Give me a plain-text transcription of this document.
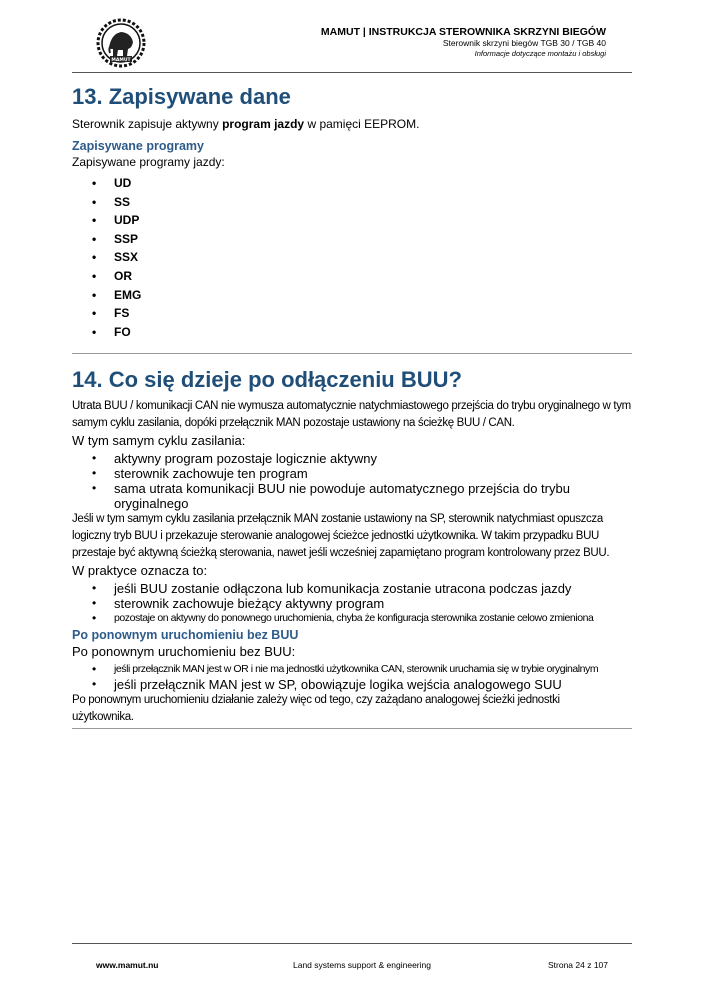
MAMUT
MAMUT | INSTRUKCJA STEROWNIKA SKRZYNI BIEGÓW
Sterownik skrzyni biegów TGB 30 / TGB 40
Informacje dotyczące montażu i obsługi
13. Zapisywane dane

Sterownik zapisuje aktywny program jazdy w pamięci EEPROM.

Zapisywane programy

Zapisywane programy jazdy:

• UD
• SS
• UDP
• SSP
• SSX
• OR
• EMG
• FS
• FO
14. Co się dzieje po odłączeniu BUU?

Utrata BUU / komunikacji CAN nie wymusza automatycznie natychmiastowego przejścia do trybu oryginalnego w tym samym cyklu zasilania, dopóki przełącznik MAN pozostaje ustawiony na ścieżkę BUU / CAN.

W tym samym cyklu zasilania:

• aktywny program pozostaje logicznie aktywny
• sterownik zachowuje ten program
• sama utrata komunikacji BUU nie powoduje automatycznego przejścia do trybu oryginalnego

Jeśli w tym samym cyklu zasilania przełącznik MAN zostanie ustawiony na SP, sterownik natychmiast opuszcza logiczny tryb BUU i przekazuje sterowanie analogowej ścieżce jednostki użytkownika. W takim przypadku BUU przestaje być aktywną ścieżką sterowania, nawet jeśli wcześniej zapamiętano program kontrolowany przez BUU.

W praktyce oznacza to:

• jeśli BUU zostanie odłączona lub komunikacja zostanie utracona podczas jazdy
• sterownik zachowuje bieżący aktywny program
• pozostaje on aktywny do ponownego uruchomienia, chyba że konfiguracja sterownika zostanie celowo zmieniona
Po ponownym uruchomieniu bez BUU

Po ponownym uruchomieniu bez BUU:

• jeśli przełącznik MAN jest w OR i nie ma jednostki użytkownika CAN, sterownik uruchamia się w trybie oryginalnym
• jeśli przełącznik MAN jest w SP, obowiązuje logika wejścia analogowego SUU

Po ponownym uruchomieniu działanie zależy więc od tego, czy zażądano analogowej ścieżki jednostki użytkownika.

www.mamut.nu	Land systems support & engineering	Strona 24 z 107
